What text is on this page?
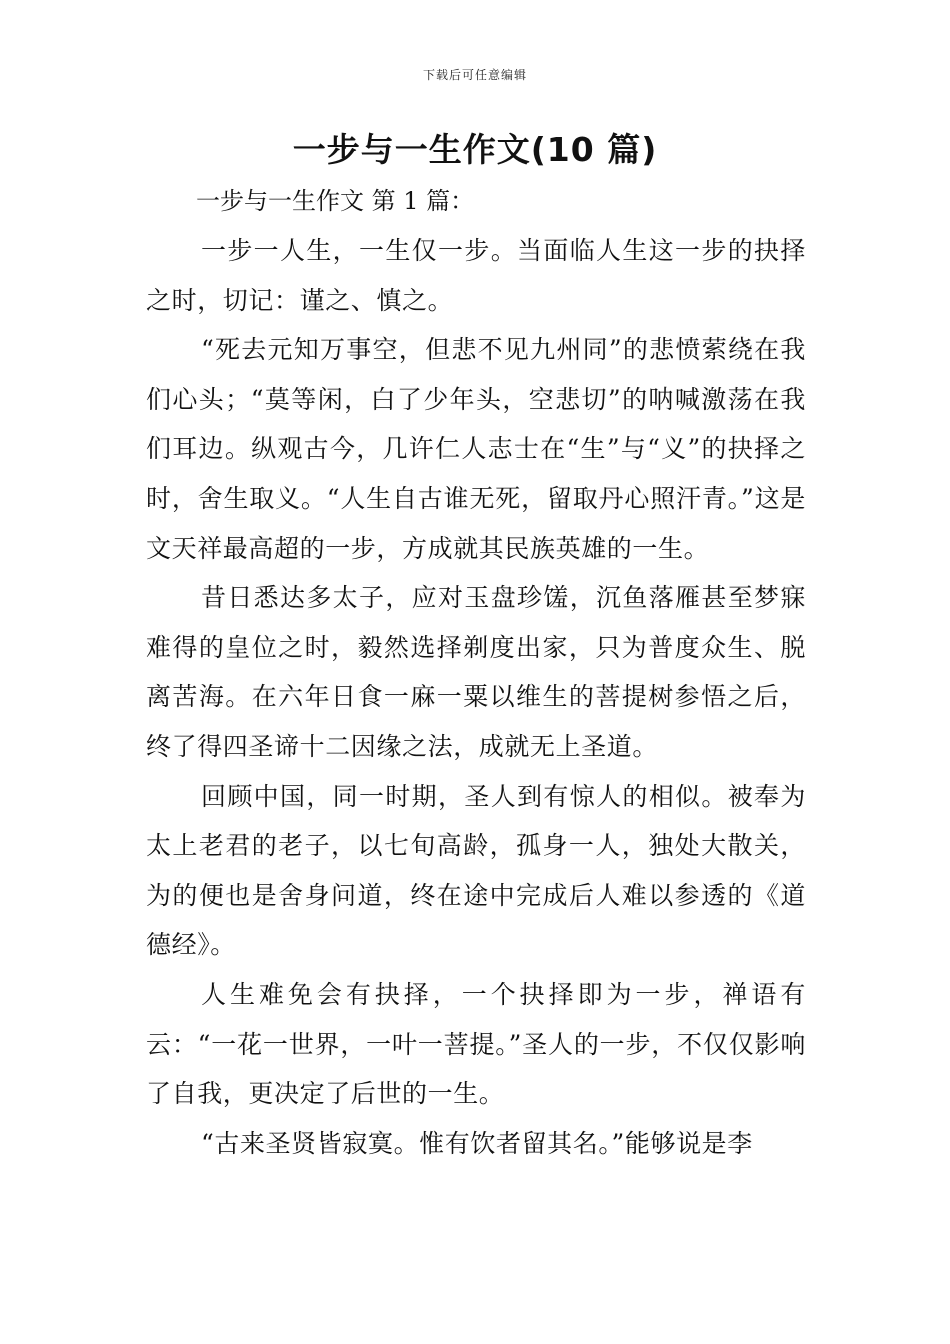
下载后可任意编辑
一步与一生作文(10 篇)
一步与一生作文 第 1 篇：

一步一人生，一生仅一步。当面临人生这一步的抉择之时，切记：谨之、慎之。

“死去元知万事空，但悲不见九州同”的悲愤萦绕在我们心头；“莫等闲，白了少年头，空悲切”的呐喊激荡在我们耳边。纵观古今，几许仁人志士在“生”与“义”的抉择之时，舍生取义。“人生自古谁无死，留取丹心照汗青。”这是文天祥最高超的一步，方成就其民族英雄的一生。

昔日悉达多太子，应对玉盘珍馐，沉鱼落雁甚至梦寐难得的皇位之时，毅然选择剃度出家，只为普度众生、脱离苦海。在六年日食一麻一粟以维生的菩提树参悟之后，终了得四圣谛十二因缘之法，成就无上圣道。

回顾中国，同一时期，圣人到有惊人的相似。被奉为太上老君的老子，以七旬高龄，孤身一人，独处大散关，为的便也是舍身问道，终在途中完成后人难以参透的《道德经》。

人生难免会有抉择，一个抉择即为一步，禅语有云：“一花一世界，一叶一菩提。”圣人的一步，不仅仅影响了自我，更决定了后世的一生。

“古来圣贤皆寂寞。惟有饮者留其名。”能够说是李
